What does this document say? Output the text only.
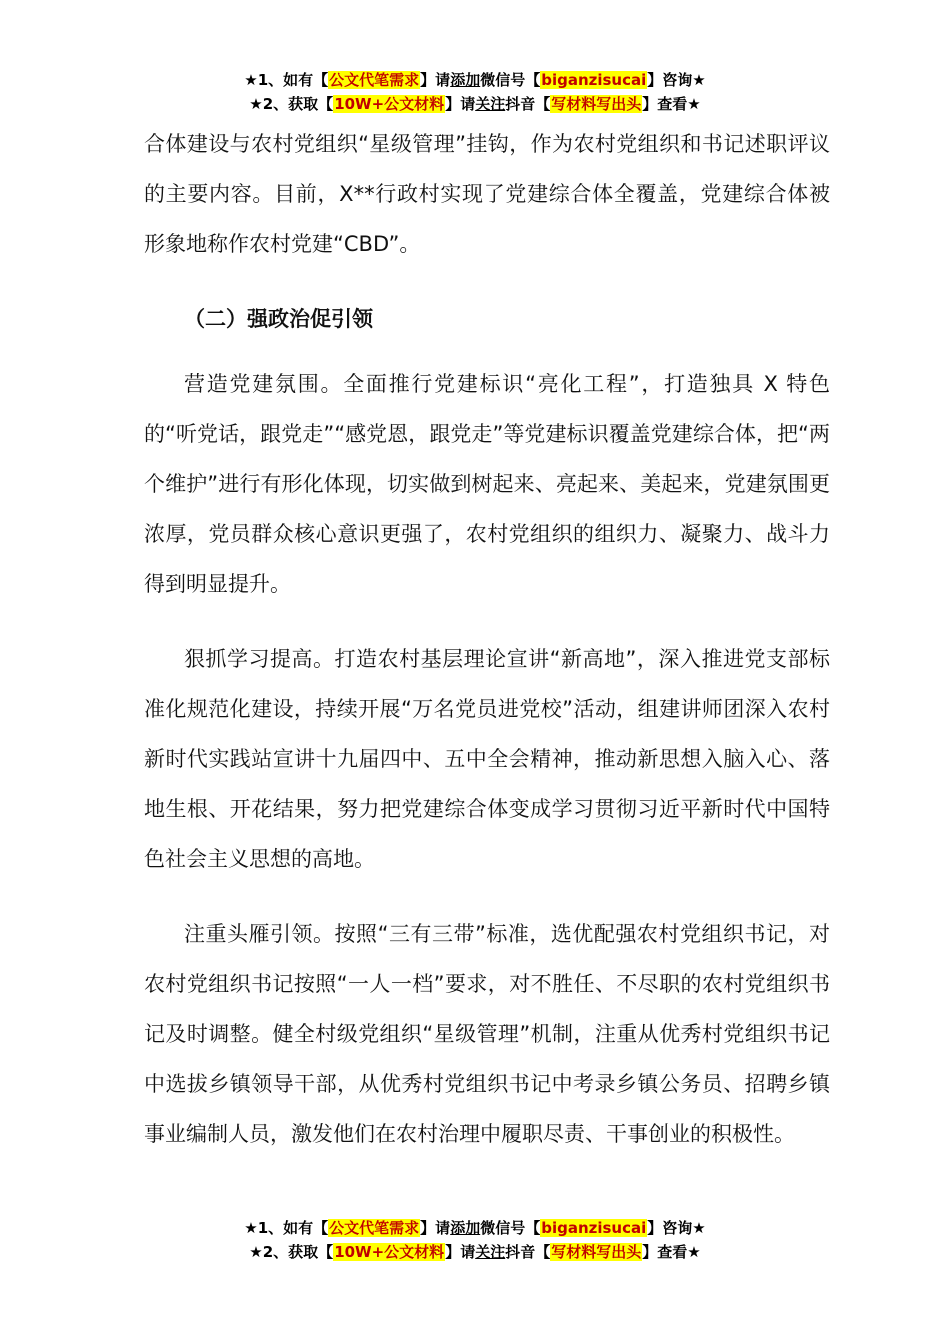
★1、如有【公文代笔需求】请添加微信号【biganzisucai】咨询★
★2、获取【10W+公文材料】请关注抖音【写材料写出头】查看★

合体建设与农村党组织“星级管理”挂钩，作为农村党组织和书记述职评议的主要内容。目前，X**行政村实现了党建综合体全覆盖，党建综合体被形象地称作农村党建“CBD”。

（二）强政治促引领

营造党建氛围。全面推行党建标识“亮化工程”，打造独具 X 特色的“听党话，跟党走”“感党恩，跟党走”等党建标识覆盖党建综合体，把“两个维护”进行有形化体现，切实做到树起来、亮起来、美起来，党建氛围更浓厚，党员群众核心意识更强了，农村党组织的组织力、凝聚力、战斗力得到明显提升。

狠抓学习提高。打造农村基层理论宣讲“新高地”，深入推进党支部标准化规范化建设，持续开展“万名党员进党校”活动，组建讲师团深入农村新时代实践站宣讲十九届四中、五中全会精神，推动新思想入脑入心、落地生根、开花结果，努力把党建综合体变成学习贯彻习近平新时代中国特色社会主义思想的高地。

注重头雁引领。按照“三有三带”标准，选优配强农村党组织书记，对农村党组织书记按照“一人一档”要求，对不胜任、不尽职的农村党组织书记及时调整。健全村级党组织“星级管理”机制，注重从优秀村党组织书记中选拔乡镇领导干部，从优秀村党组织书记中考录乡镇公务员、招聘乡镇事业编制人员，激发他们在农村治理中履职尽责、干事创业的积极性。

★1、如有【公文代笔需求】请添加微信号【biganzisucai】咨询★
★2、获取【10W+公文材料】请关注抖音【写材料写出头】查看★
